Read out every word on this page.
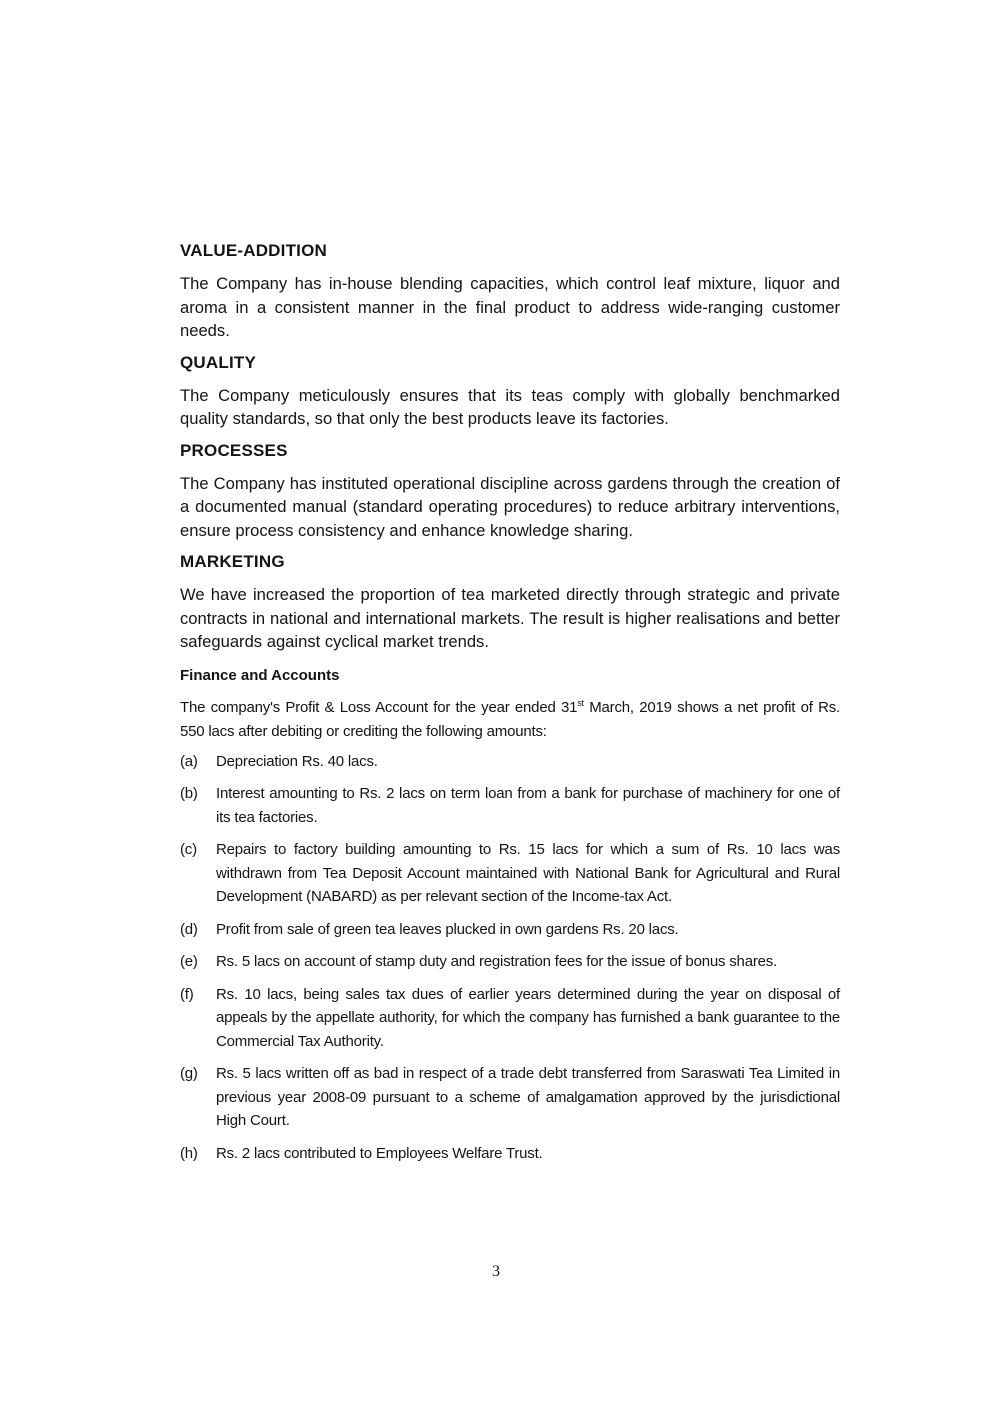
VALUE-ADDITION

The Company has in-house blending capacities, which control leaf mixture, liquor and aroma in a consistent manner in the final product to address wide-ranging customer needs.

QUALITY

The Company meticulously ensures that its teas comply with globally benchmarked quality standards, so that only the best products leave its factories.

PROCESSES

The Company has instituted operational discipline across gardens through the creation of a documented manual (standard operating procedures) to reduce arbitrary interventions, ensure process consistency and enhance knowledge sharing.

MARKETING

We have increased the proportion of tea marketed directly through strategic and private contracts in national and international markets. The result is higher realisations and better safeguards against cyclical market trends.

Finance and Accounts

The company's Profit & Loss Account for the year ended 31st March, 2019 shows a net profit of Rs. 550 lacs after debiting or crediting the following amounts:

(a)	Depreciation Rs. 40 lacs.
(b)	Interest amounting to Rs. 2 lacs on term loan from a bank for purchase of machinery for one of its tea factories.
(c)	Repairs to factory building amounting to Rs. 15 lacs for which a sum of Rs. 10 lacs was withdrawn from Tea Deposit Account maintained with National Bank for Agricultural and Rural Development (NABARD) as per relevant section of the Income-tax Act.
(d)	Profit from sale of green tea leaves plucked in own gardens Rs. 20 lacs.
(e)	Rs. 5 lacs on account of stamp duty and registration fees for the issue of bonus shares.
(f)	Rs. 10 lacs, being sales tax dues of earlier years determined during the year on disposal of appeals by the appellate authority, for which the company has furnished a bank guarantee to the Commercial Tax Authority.
(g)	Rs. 5 lacs written off as bad in respect of a trade debt transferred from Saraswati Tea Limited in previous year 2008-09 pursuant to a scheme of amalgamation approved by the jurisdictional High Court.
(h)	Rs. 2 lacs contributed to Employees Welfare Trust.
3
